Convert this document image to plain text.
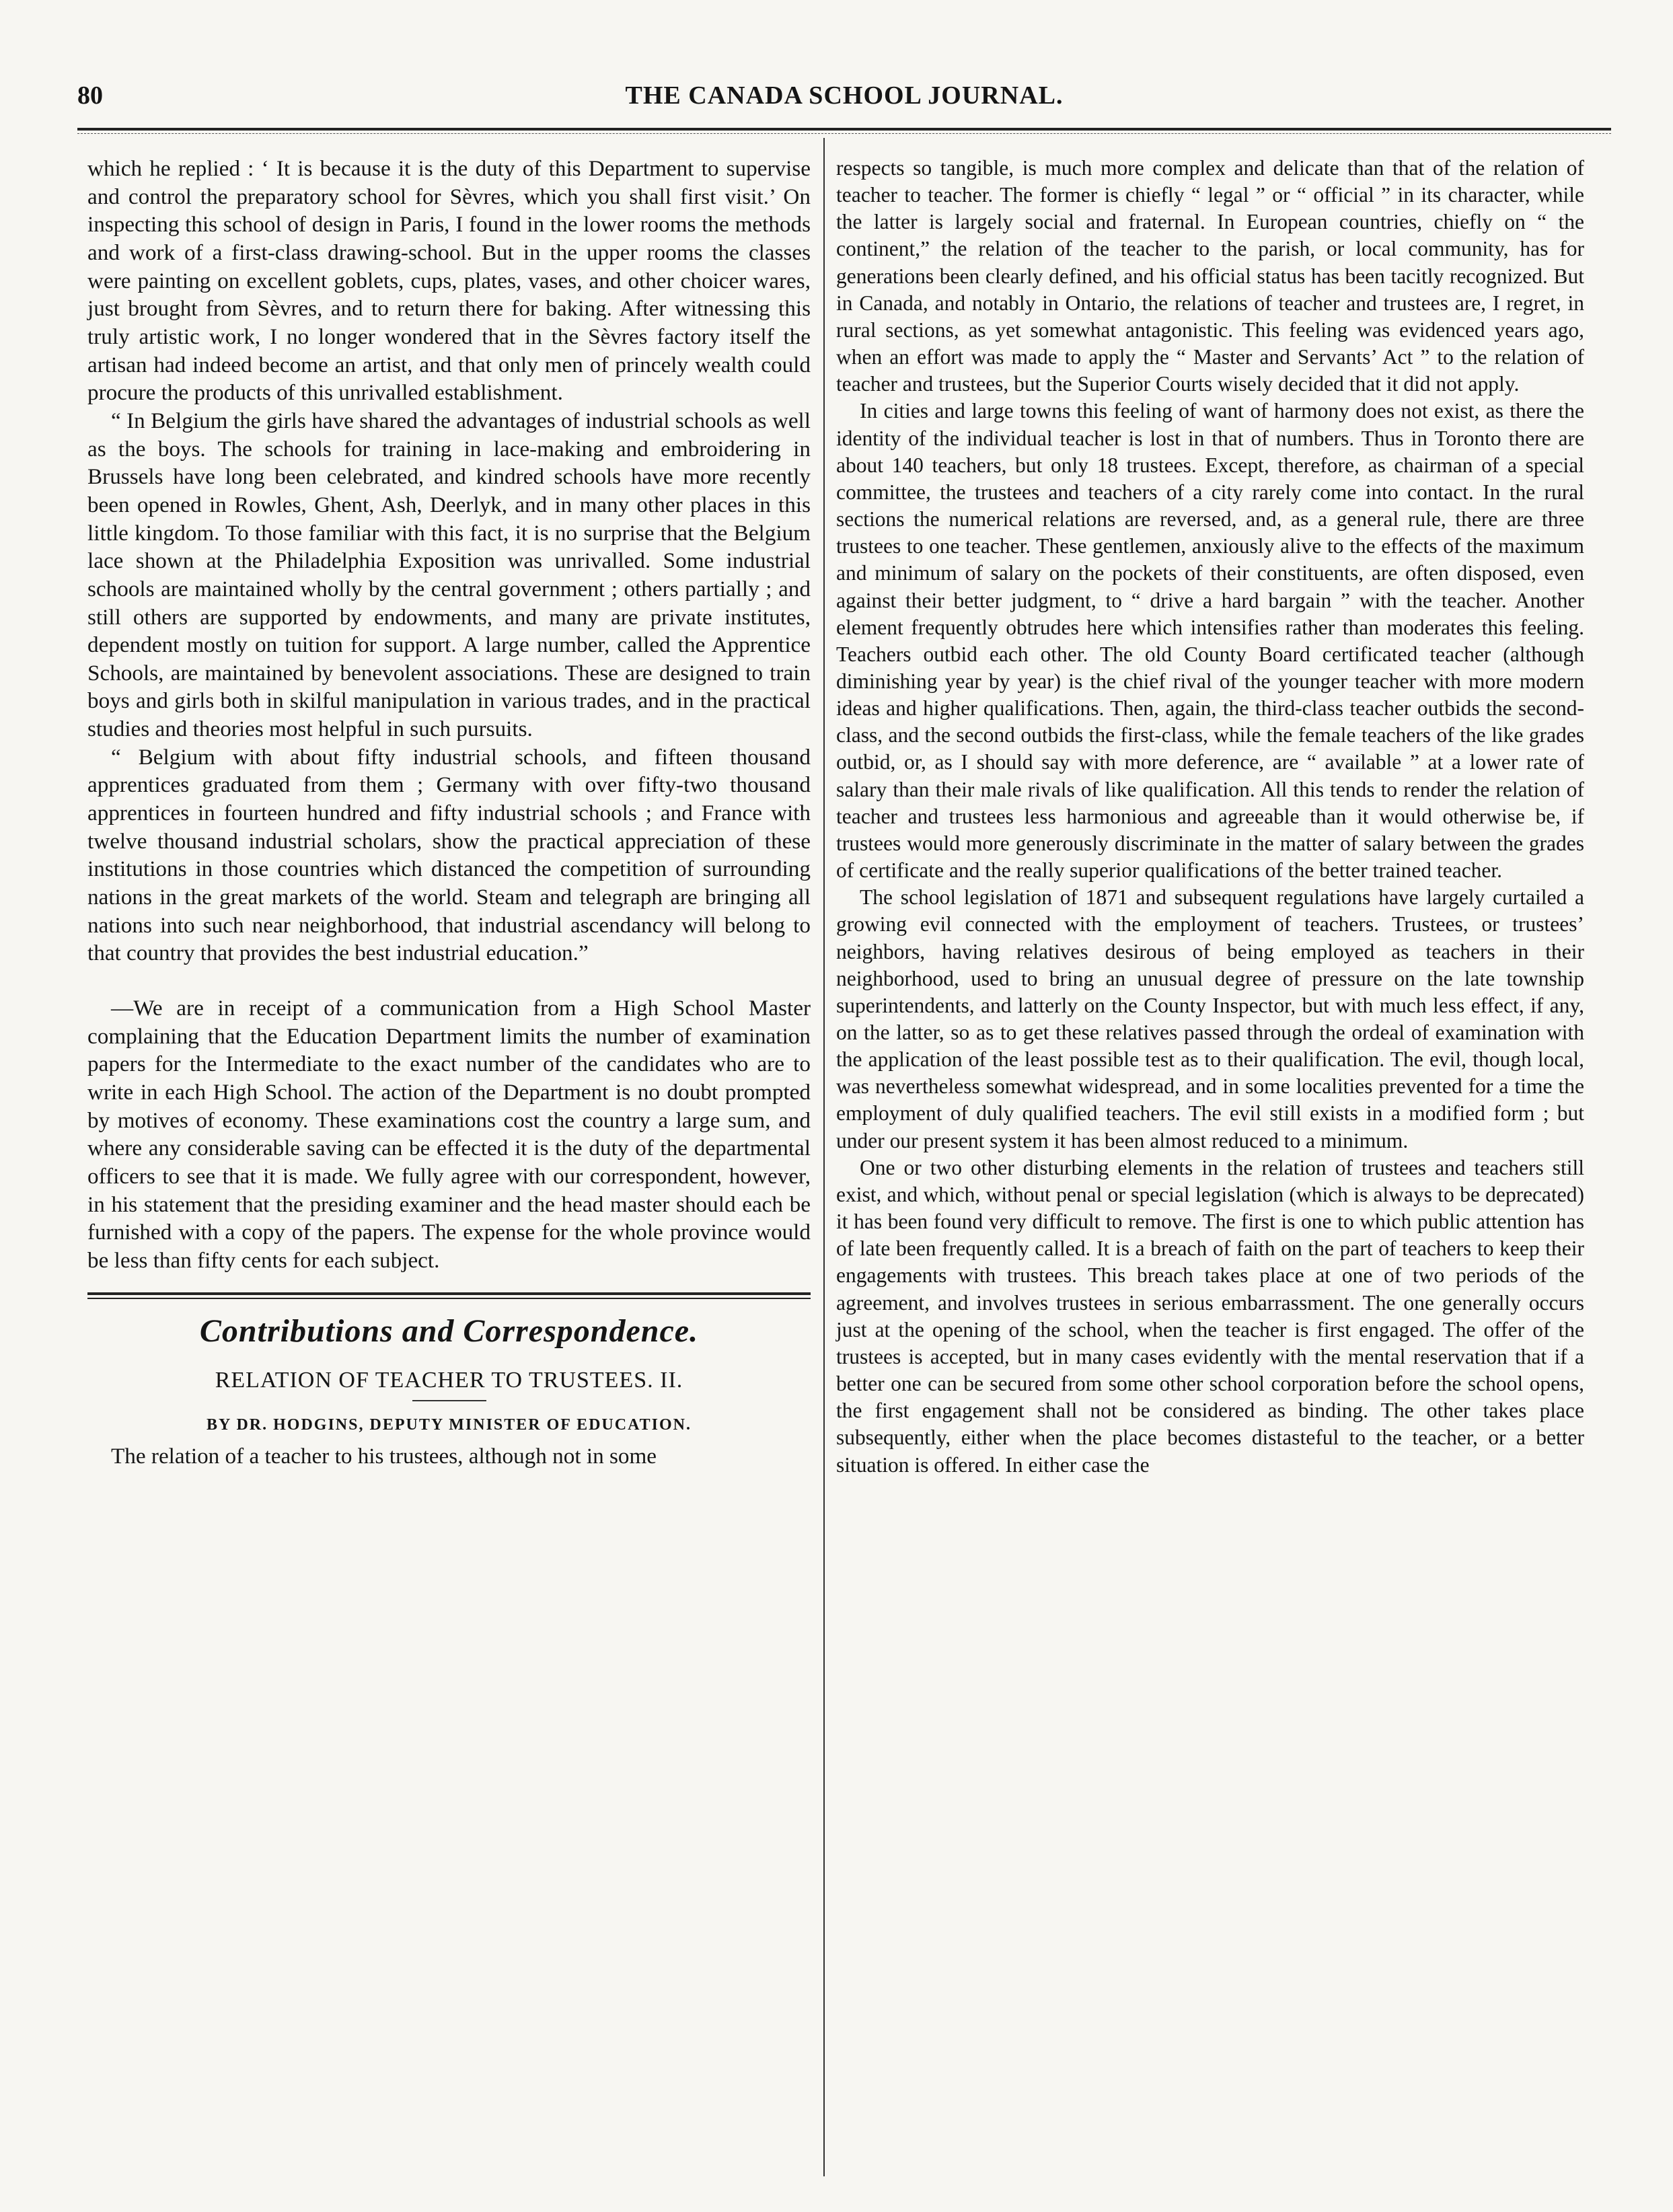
80	THE CANADA SCHOOL JOURNAL.

which he replied : ‘ It is because it is the duty of this Department to supervise and control the preparatory school for Sèvres, which you shall first visit.’ On inspecting this school of design in Paris, I found in the lower rooms the methods and work of a first-class drawing-school. But in the upper rooms the classes were painting on excellent goblets, cups, plates, vases, and other choicer wares, just brought from Sèvres, and to return there for baking. After witnessing this truly artistic work, I no longer wondered that in the Sèvres factory itself the artisan had indeed become an artist, and that only men of princely wealth could procure the products of this unrivalled establishment.

“ In Belgium the girls have shared the advantages of industrial schools as well as the boys. The schools for training in lace-making and embroidering in Brussels have long been celebrated, and kindred schools have more recently been opened in Rowles, Ghent, Ash, Deerlyk, and in many other places in this little kingdom. To those familiar with this fact, it is no surprise that the Belgium lace shown at the Philadelphia Exposition was unrivalled. Some industrial schools are maintained wholly by the central government ; others partially ; and still others are supported by endowments, and many are private institutes, dependent mostly on tuition for support. A large number, called the Apprentice Schools, are maintained by benevolent associations. These are designed to train boys and girls both in skilful manipulation in various trades, and in the practical studies and theories most helpful in such pursuits.

“ Belgium with about fifty industrial schools, and fifteen thousand apprentices graduated from them ; Germany with over fifty-two thousand apprentices in fourteen hundred and fifty industrial schools ; and France with twelve thousand industrial scholars, show the practical appreciation of these institutions in those countries which distanced the competition of surrounding nations in the great markets of the world. Steam and telegraph are bringing all nations into such near neighborhood, that industrial ascendancy will belong to that country that provides the best industrial education.”

—We are in receipt of a communication from a High School Master complaining that the Education Department limits the number of examination papers for the Intermediate to the exact number of the candidates who are to write in each High School. The action of the Department is no doubt prompted by motives of economy. These examinations cost the country a large sum, and where any considerable saving can be effected it is the duty of the departmental officers to see that it is made. We fully agree with our correspondent, however, in his statement that the presiding examiner and the head master should each be furnished with a copy of the papers. The expense for the whole province would be less than fifty cents for each subject.

Contributions and Correspondence.
RELATION OF TEACHER TO TRUSTEES. II.
BY DR. HODGINS, DEPUTY MINISTER OF EDUCATION.

The relation of a teacher to his trustees, although not in some

respects so tangible, is much more complex and delicate than that of the relation of teacher to teacher. The former is chiefly “ legal ” or “ official ” in its character, while the latter is largely social and fraternal. In European countries, chiefly on “ the continent,” the relation of the teacher to the parish, or local community, has for generations been clearly defined, and his official status has been tacitly recognized. But in Canada, and notably in Ontario, the relations of teacher and trustees are, I regret, in rural sections, as yet somewhat antagonistic. This feeling was evidenced years ago, when an effort was made to apply the “ Master and Servants’ Act ” to the relation of teacher and trustees, but the Superior Courts wisely decided that it did not apply.

In cities and large towns this feeling of want of harmony does not exist, as there the identity of the individual teacher is lost in that of numbers. Thus in Toronto there are about 140 teachers, but only 18 trustees. Except, therefore, as chairman of a special committee, the trustees and teachers of a city rarely come into contact. In the rural sections the numerical relations are reversed, and, as a general rule, there are three trustees to one teacher. These gentlemen, anxiously alive to the effects of the maximum and minimum of salary on the pockets of their constituents, are often disposed, even against their better judgment, to “ drive a hard bargain ” with the teacher. Another element frequently obtrudes here which intensifies rather than moderates this feeling. Teachers outbid each other. The old County Board certificated teacher (although diminishing year by year) is the chief rival of the younger teacher with more modern ideas and higher qualifications. Then, again, the third-class teacher outbids the second-class, and the second outbids the first-class, while the female teachers of the like grades outbid, or, as I should say with more deference, are “ available ” at a lower rate of salary than their male rivals of like qualification. All this tends to render the relation of teacher and trustees less harmonious and agreeable than it would otherwise be, if trustees would more generously discriminate in the matter of salary between the grades of certificate and the really superior qualifications of the better trained teacher.

The school legislation of 1871 and subsequent regulations have largely curtailed a growing evil connected with the employment of teachers. Trustees, or trustees’ neighbors, having relatives desirous of being employed as teachers in their neighborhood, used to bring an unusual degree of pressure on the late township superintendents, and latterly on the County Inspector, but with much less effect, if any, on the latter, so as to get these relatives passed through the ordeal of examination with the application of the least possible test as to their qualification. The evil, though local, was nevertheless somewhat widespread, and in some localities prevented for a time the employment of duly qualified teachers. The evil still exists in a modified form ; but under our present system it has been almost reduced to a minimum.

One or two other disturbing elements in the relation of trustees and teachers still exist, and which, without penal or special legislation (which is always to be deprecated) it has been found very difficult to remove. The first is one to which public attention has of late been frequently called. It is a breach of faith on the part of teachers to keep their engagements with trustees. This breach takes place at one of two periods of the agreement, and involves trustees in serious embarrassment. The one generally occurs just at the opening of the school, when the teacher is first engaged. The offer of the trustees is accepted, but in many cases evidently with the mental reservation that if a better one can be secured from some other school corporation before the school opens, the first engagement shall not be considered as binding. The other takes place subsequently, either when the place becomes distasteful to the teacher, or a better situation is offered. In either case the
